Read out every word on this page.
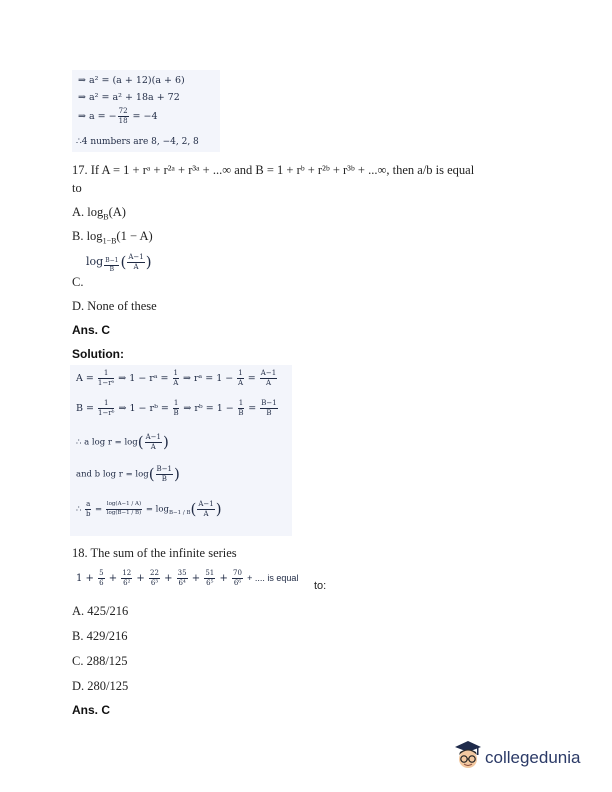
⇒ a² = (a + 12)(a + 6)
⇒ a² = a² + 18a + 72
⇒ a = − $\frac{72}{18} = -4$
∴4 numbers are 8, −4, 2, 8
17. If A = 1 + rᵃ + r²ᵃ + r³ᵃ + ...∞ and B = 1 + rᵇ + r²ᵇ + r³ᵇ + ...∞, then a/b is equal
to
A. $\log_B(A)$
B. $\log_{1-B}(1 - A)$
$\log \frac{B-1}{B}$ ( $\frac{A-1}{A}$ )
C.
D. None of these
Ans. C
Solution:
$A = \frac{1}{\text{1−rᵃ}}$ ⇒ 1 − rᵃ = $\frac{1}{A}$ ⇒ rᵃ = $1 - \frac{1}{A} = \frac{A-1}{A}$
$B = \frac{1}{\text{1−rᵇ}}$ ⇒ 1 − rᵇ = $\frac{1}{B}$ ⇒ rᵇ = $1 - \frac{1}{B} = \frac{B-1}{B}$
∴ a $\log r = \log( \frac{A-1}{A}$ )
and b $\log r = \log( \frac{B-1}{B}$ )
∴ $\frac{a}{b} = \frac{\log(A-1 / A)}{\log(B-1 / B)} = \log_{B-1 / B}( \frac{A-1}{A}$ )
18. The sum of the infinite series
$1 + \frac{5}{6} + \frac{12}{\text{6²}} + \frac{22}{\text{6³}} + \frac{35}{\text{6⁴}} + \frac{51}{\text{6⁵}} + \frac{70}{\text{6⁶}}$ + .... is equal
to:
A. 425/216
B. 429/216
C. 288/125
D. 280/125
Ans. C
collegedunia
